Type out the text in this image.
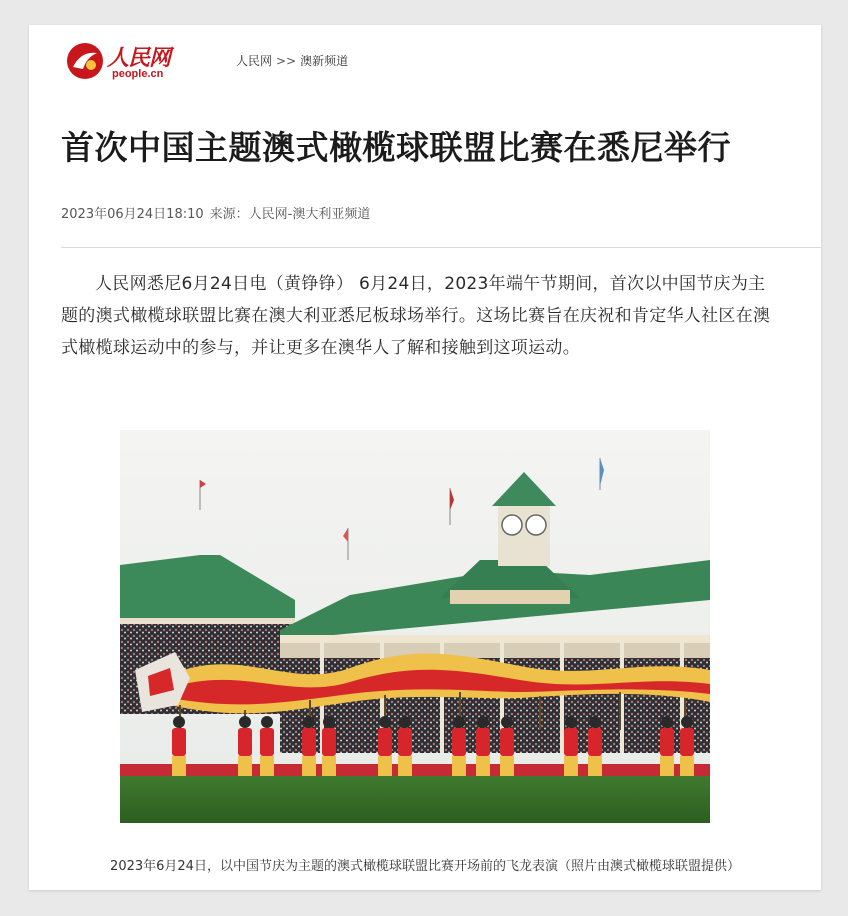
人民网
people.cn
人民网 >> 澳新频道
首次中国主题澳式橄榄球联盟比赛在悉尼举行
2023年06月24日18:10 来源：人民网-澳大利亚频道

人民网悉尼6月24日电（黄铮铮） 6月24日，2023年端午节期间，首次以中国节庆为主题的澳式橄榄球联盟比赛在澳大利亚悉尼板球场举行。这场比赛旨在庆祝和肯定华人社区在澳式橄榄球运动中的参与，并让更多在澳华人了解和接触到这项运动。

2023年6月24日，以中国节庆为主题的澳式橄榄球联盟比赛开场前的飞龙表演（照片由澳式橄榄球联盟提供）
